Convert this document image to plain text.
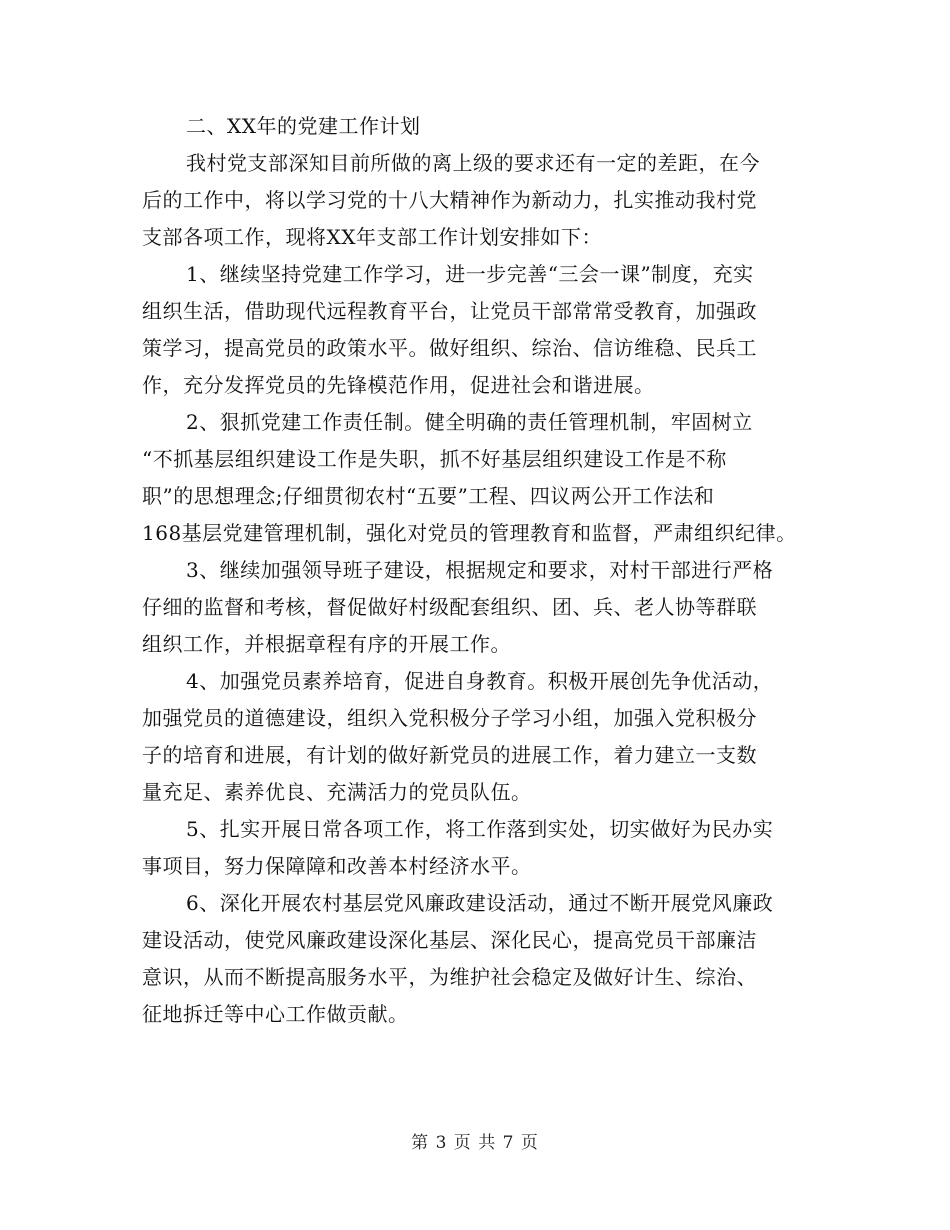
二、XX年的党建工作计划
我村党支部深知目前所做的离上级的要求还有一定的差距，在今
后的工作中，将以学习党的十八大精神作为新动力，扎实推动我村党
支部各项工作，现将XX年支部工作计划安排如下：
1、继续坚持党建工作学习，进一步完善“三会一课”制度，充实
组织生活，借助现代远程教育平台，让党员干部常常受教育，加强政
策学习，提高党员的政策水平。做好组织、综治、信访维稳、民兵工
作，充分发挥党员的先锋模范作用，促进社会和谐进展。
2、狠抓党建工作责任制。健全明确的责任管理机制，牢固树立
“不抓基层组织建设工作是失职，抓不好基层组织建设工作是不称
职”的思想理念;仔细贯彻农村“五要”工程、四议两公开工作法和
168基层党建管理机制，强化对党员的管理教育和监督，严肃组织纪律。
3、继续加强领导班子建设，根据规定和要求，对村干部进行严格
仔细的监督和考核，督促做好村级配套组织、团、兵、老人协等群联
组织工作，并根据章程有序的开展工作。
4、加强党员素养培育，促进自身教育。积极开展创先争优活动，
加强党员的道德建设，组织入党积极分子学习小组，加强入党积极分
子的培育和进展，有计划的做好新党员的进展工作，着力建立一支数
量充足、素养优良、充满活力的党员队伍。
5、扎实开展日常各项工作，将工作落到实处，切实做好为民办实
事项目，努力保障障和改善本村经济水平。
6、深化开展农村基层党风廉政建设活动，通过不断开展党风廉政
建设活动，使党风廉政建设深化基层、深化民心，提高党员干部廉洁
意识，从而不断提高服务水平，为维护社会稳定及做好计生、综治、
征地拆迁等中心工作做贡献。
第 3 页 共 7 页
